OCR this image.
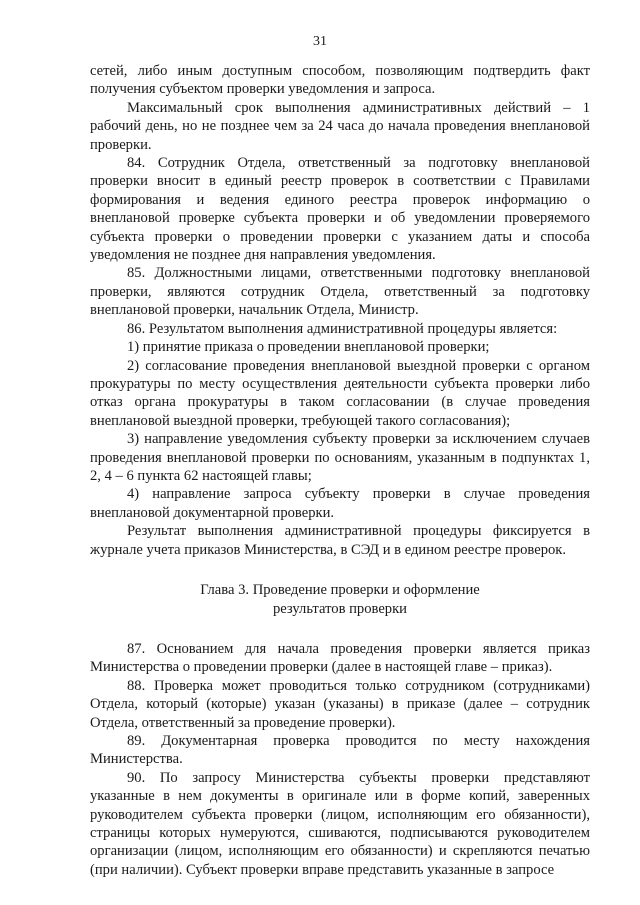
31

сетей, либо иным доступным способом, позволяющим подтвердить факт получения субъектом проверки уведомления и запроса.

Максимальный срок выполнения административных действий – 1 рабочий день, но не позднее чем за 24 часа до начала проведения внеплановой проверки.

84. Сотрудник Отдела, ответственный за подготовку внеплановой проверки вносит в единый реестр проверок в соответствии с Правилами формирования и ведения единого реестра проверок информацию о внеплановой проверке субъекта проверки и об уведомлении проверяемого субъекта проверки о проведении проверки с указанием даты и способа уведомления не позднее дня направления уведомления.

85. Должностными лицами, ответственными подготовку внеплановой проверки, являются сотрудник Отдела, ответственный за подготовку внеплановой проверки, начальник Отдела, Министр.

86. Результатом выполнения административной процедуры является:

1) принятие приказа о проведении внеплановой проверки;

2) согласование проведения внеплановой выездной проверки с органом прокуратуры по месту осуществления деятельности субъекта проверки либо отказ органа прокуратуры в таком согласовании (в случае проведения внеплановой выездной проверки, требующей такого согласования);

3) направление уведомления субъекту проверки за исключением случаев проведения внеплановой проверки по основаниям, указанным в подпунктах 1, 2, 4 – 6 пункта 62 настоящей главы;

4) направление запроса субъекту проверки в случае проведения внеплановой документарной проверки.

Результат выполнения административной процедуры фиксируется в журнале учета приказов Министерства, в СЭД и в едином реестре проверок.

Глава 3. Проведение проверки и оформление
результатов проверки

87. Основанием для начала проведения проверки является приказ Министерства о проведении проверки (далее в настоящей главе – приказ).

88. Проверка может проводиться только сотрудником (сотрудниками) Отдела, который (которые) указан (указаны) в приказе (далее – сотрудник Отдела, ответственный за проведение проверки).

89. Документарная проверка проводится по месту нахождения Министерства.

90. По запросу Министерства субъекты проверки представляют указанные в нем документы в оригинале или в форме копий, заверенных руководителем субъекта проверки (лицом, исполняющим его обязанности), страницы которых нумеруются, сшиваются, подписываются руководителем организации (лицом, исполняющим его обязанности) и скрепляются печатью (при наличии). Субъект проверки вправе представить указанные в запросе
